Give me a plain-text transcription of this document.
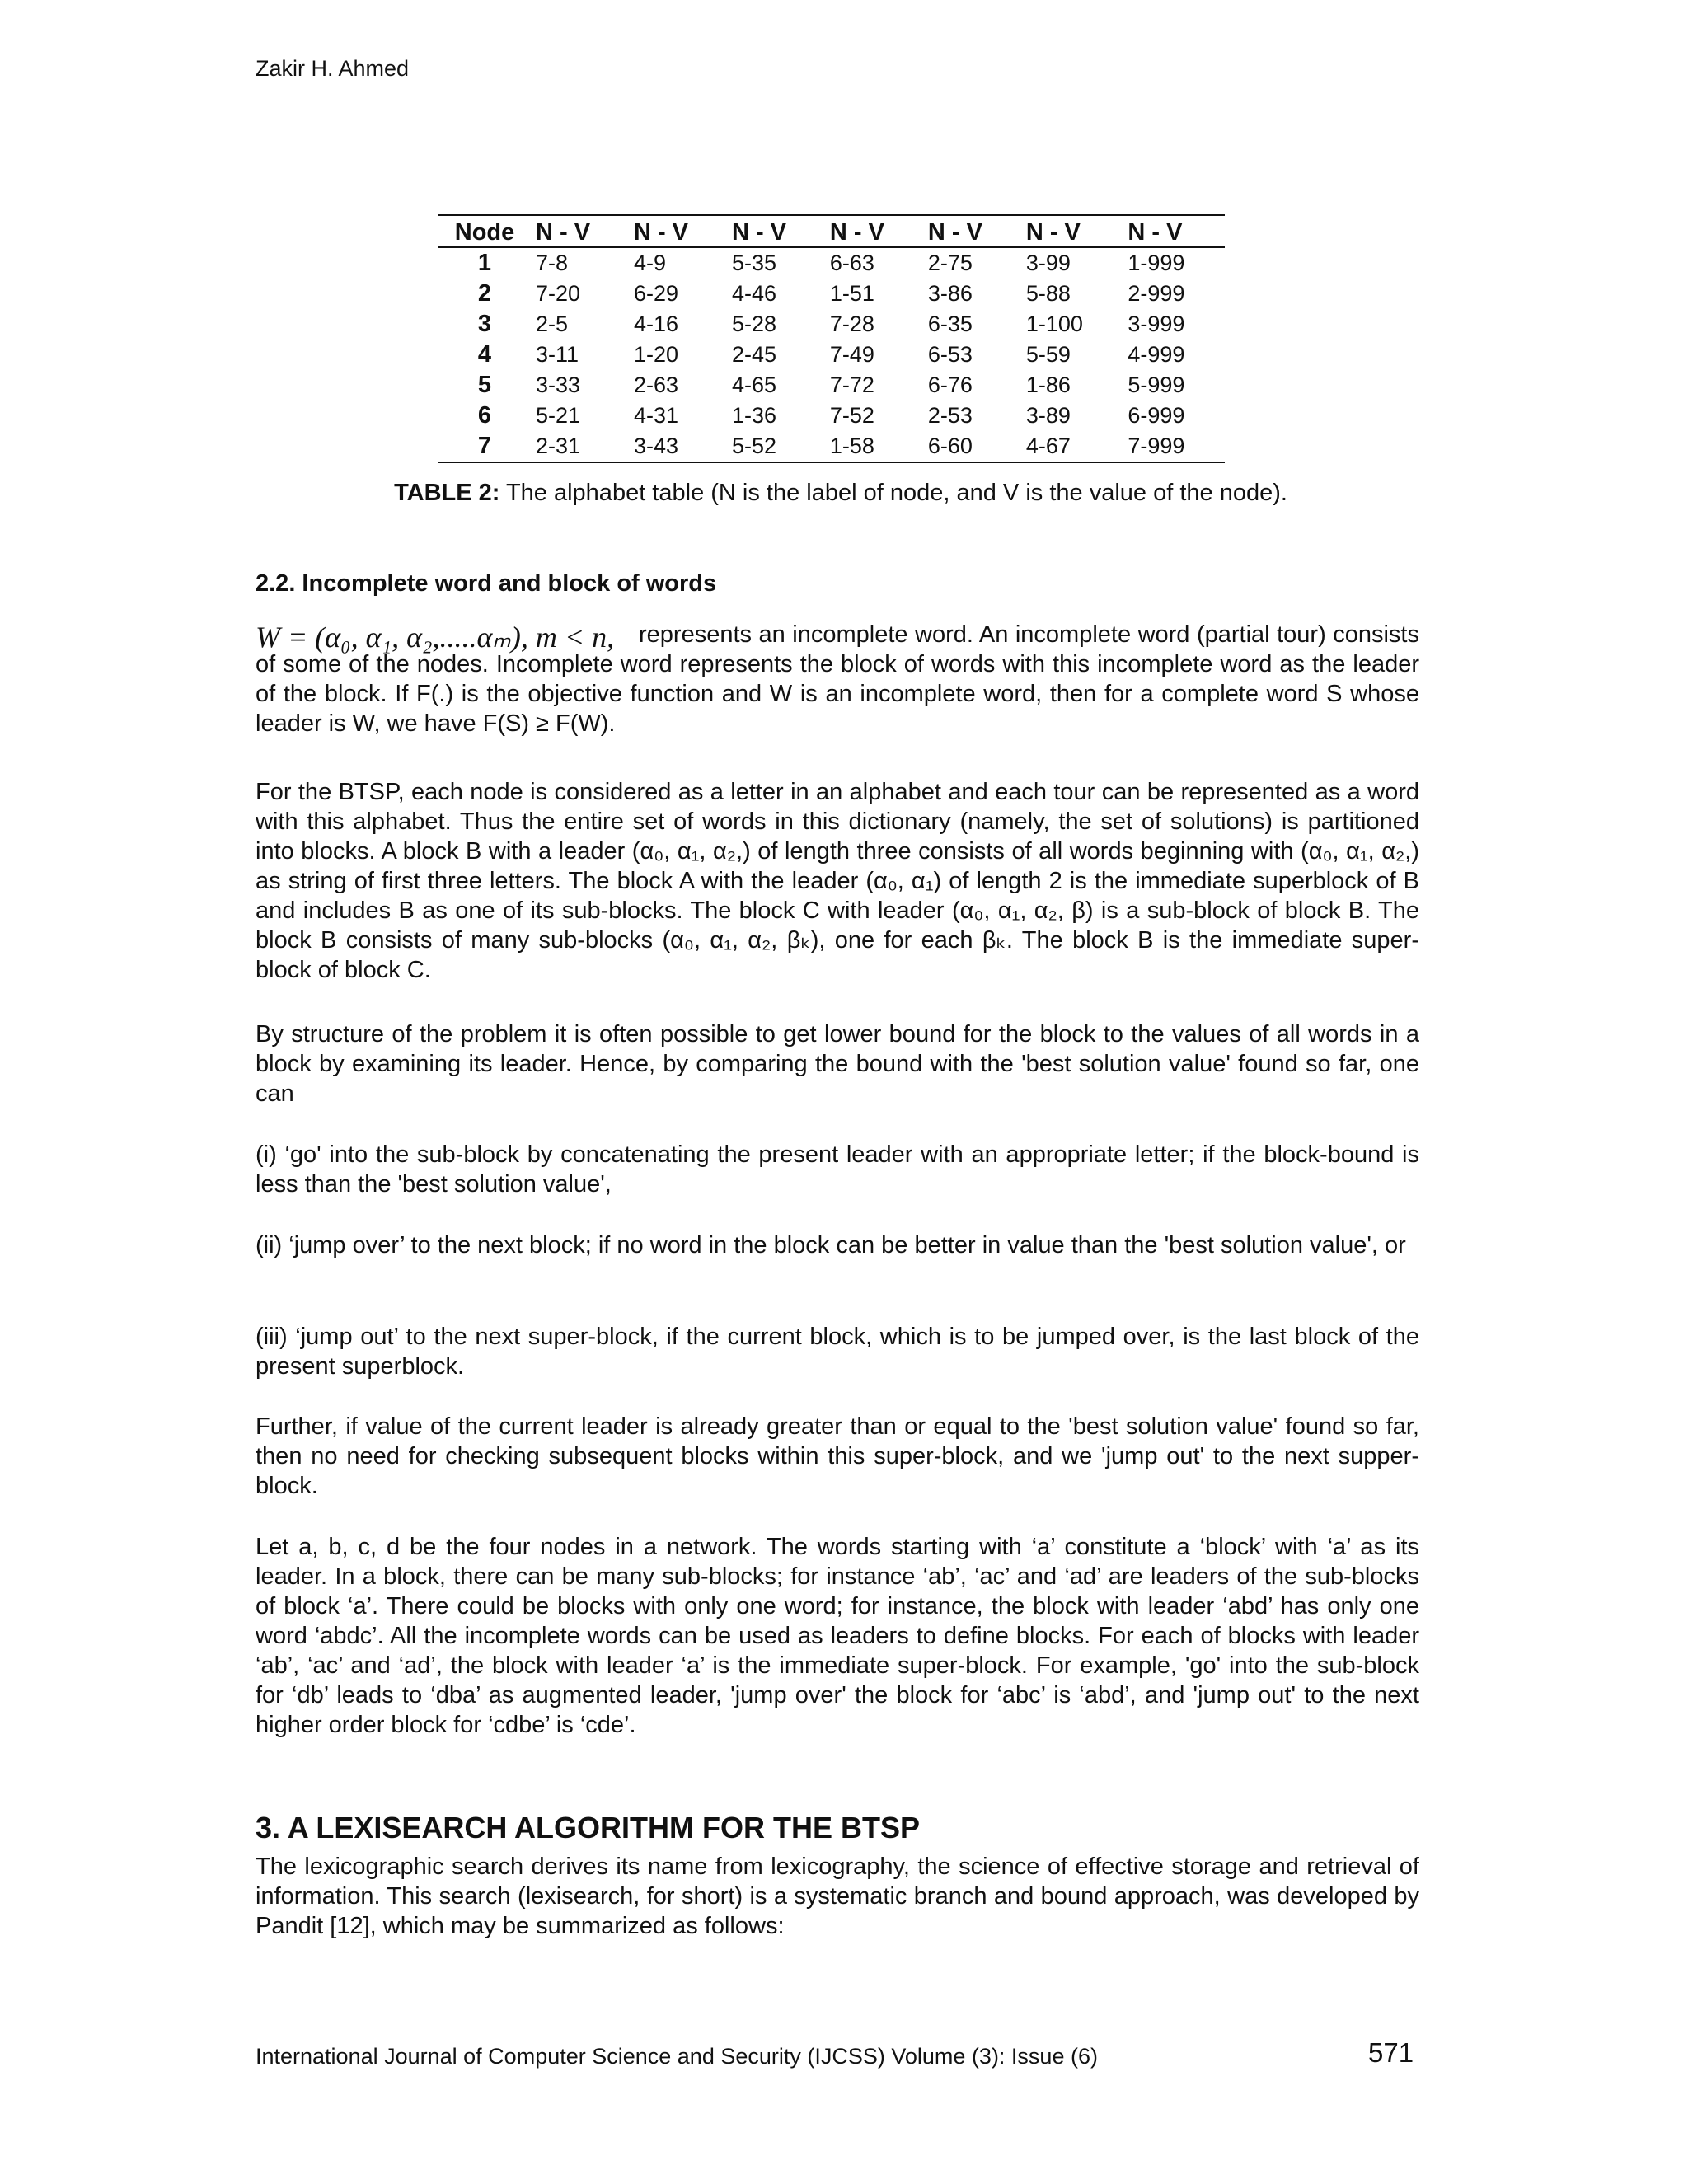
Zakir H. Ahmed
Node	N - V	N - V	N - V	N - V	N - V	N - V	N - V
1	7-8	4-9	5-35	6-63	2-75	3-99	1-999
2	7-20	6-29	4-46	1-51	3-86	5-88	2-999
3	2-5	4-16	5-28	7-28	6-35	1-100	3-999
4	3-11	1-20	2-45	7-49	6-53	5-59	4-999
5	3-33	2-63	4-65	7-72	6-76	1-86	5-999
6	5-21	4-31	1-36	7-52	2-53	3-89	6-999
7	2-31	3-43	5-52	1-58	6-60	4-67	7-999
TABLE 2: The alphabet table (N is the label of node, and V is the value of the node).
2.2. Incomplete word and block of words
W = (α₀, α₁, α₂,.....αₘ), m < n,	represents an incomplete word. An incomplete word (partial tour) consists of some of the nodes. Incomplete word represents the block of words with this incomplete word as the leader of the block. If F(.) is the objective function and W is an incomplete word, then for a complete word S whose leader is W, we have F(S) ≥ F(W).
For the BTSP, each node is considered as a letter in an alphabet and each tour can be represented as a word with this alphabet. Thus the entire set of words in this dictionary (namely, the set of solutions) is partitioned into blocks. A block B with a leader (α₀, α₁, α₂,) of length three consists of all words beginning with (α₀, α₁, α₂,) as string of first three letters. The block A with the leader (α₀, α₁) of length 2 is the immediate superblock of B and includes B as one of its sub-blocks. The block C with leader (α₀, α₁, α₂, β) is a sub-block of block B. The block B consists of many sub-blocks (α₀, α₁, α₂, βₖ), one for each βₖ. The block B is the immediate super-block of block C.
By structure of the problem it is often possible to get lower bound for the block to the values of all words in a block by examining its leader. Hence, by comparing the bound with the 'best solution value' found so far, one can
(i) ‘go' into the sub-block by concatenating the present leader with an appropriate letter; if the block-bound is less than the 'best solution value',
(ii) ‘jump over’ to the next block; if no word in the block can be better in value than the 'best solution value', or
(iii) ‘jump out’ to the next super-block, if the current block, which is to be jumped over, is the last block of the present superblock.
Further, if value of the current leader is already greater than or equal to the 'best solution value' found so far, then no need for checking subsequent blocks within this super-block, and we 'jump out' to the next supper-block.
Let a, b, c, d be the four nodes in a network. The words starting with ‘a’ constitute a ‘block’ with ‘a’ as its leader. In a block, there can be many sub-blocks; for instance ‘ab’, ‘ac’ and ‘ad’ are leaders of the sub-blocks of block ‘a’. There could be blocks with only one word; for instance, the block with leader ‘abd’ has only one word ‘abdc’. All the incomplete words can be used as leaders to define blocks. For each of blocks with leader ‘ab’, ‘ac’ and ‘ad’, the block with leader ‘a’ is the immediate super-block. For example, 'go' into the sub-block for ‘db’ leads to ‘dba’ as augmented leader, 'jump over' the block for ‘abc’ is ‘abd’, and 'jump out' to the next higher order block for ‘cdbe’ is ‘cde’.
3. A LEXISEARCH ALGORITHM FOR THE BTSP
The lexicographic search derives its name from lexicography, the science of effective storage and retrieval of information. This search (lexisearch, for short) is a systematic branch and bound approach, was developed by Pandit [12], which may be summarized as follows:
International Journal of Computer Science and Security (IJCSS) Volume (3): Issue (6)	571
